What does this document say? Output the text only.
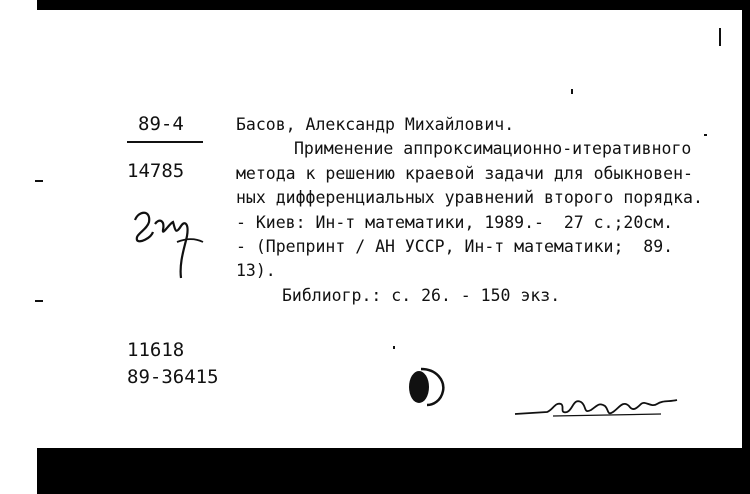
89-4
14785
Басов, Александр Михайлович.
Применение аппроксимационно-итеративного
метода к решению краевой задачи для обыкновен-
ных дифференциальных уравнений второго порядка.
- Киев: Ин-т математики, 1989.-  27 с.;20см.
- (Препринт / АН УССР, Ин-т математики;  89.
13).
Библиогр.: с. 26. - 150 экз.
11618
89-36415
